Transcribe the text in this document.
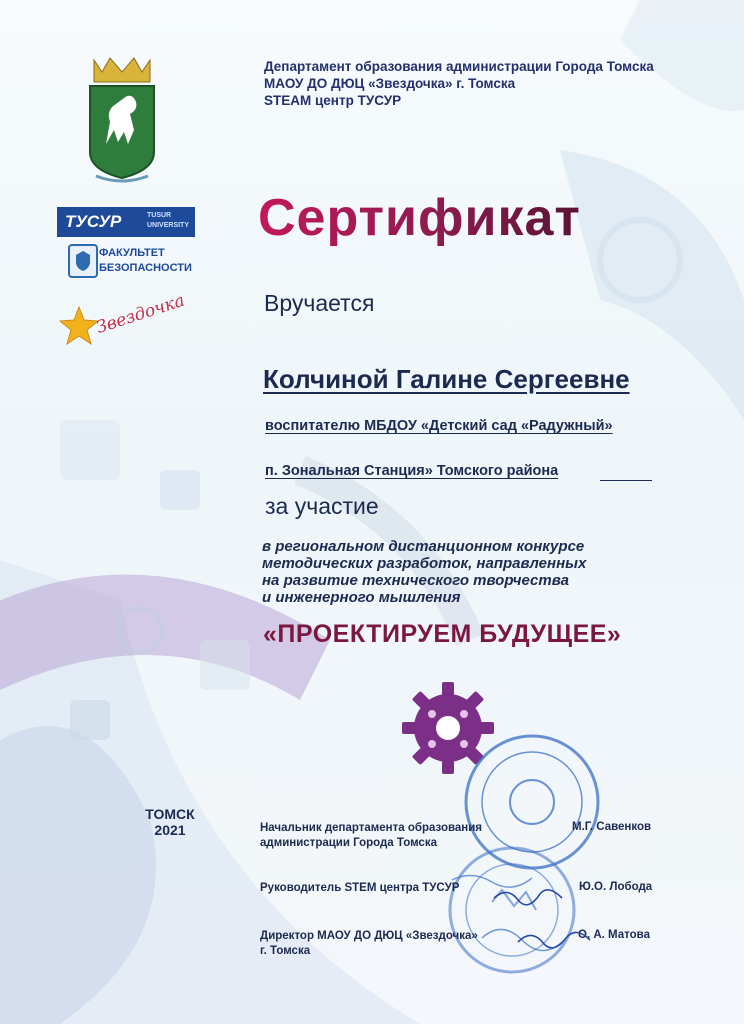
ТУСУР	TUSUR
UNIVERSITY
ФАКУЛЬТЕТ
БЕЗОПАСНОСТИ
Звездочка
Департамент образования администрации Города Томска
МАОУ ДО ДЮЦ «Звездочка» г. Томска
STEAM центр ТУСУР
Сертификат
Вручается
Колчиной Галине Сергеевне
воспитателю МБДОУ «Детский сад «Радужный»
п. Зональная Станция» Томского района
за участие
в региональном дистанционном конкурсе
методических разработок, направленных
на развитие технического творчества
и инженерного мышления
«ПРОЕКТИРУЕМ БУДУЩЕЕ»
ТОМСК
2021	Начальник департамента образования
администрации Города Томска
М.Г. Савенков
Руководитель STEM центра ТУСУР	Ю.О. Лобода
Директор МАОУ ДО ДЮЦ «Звездочка»
г. Томска
О. А. Матова
